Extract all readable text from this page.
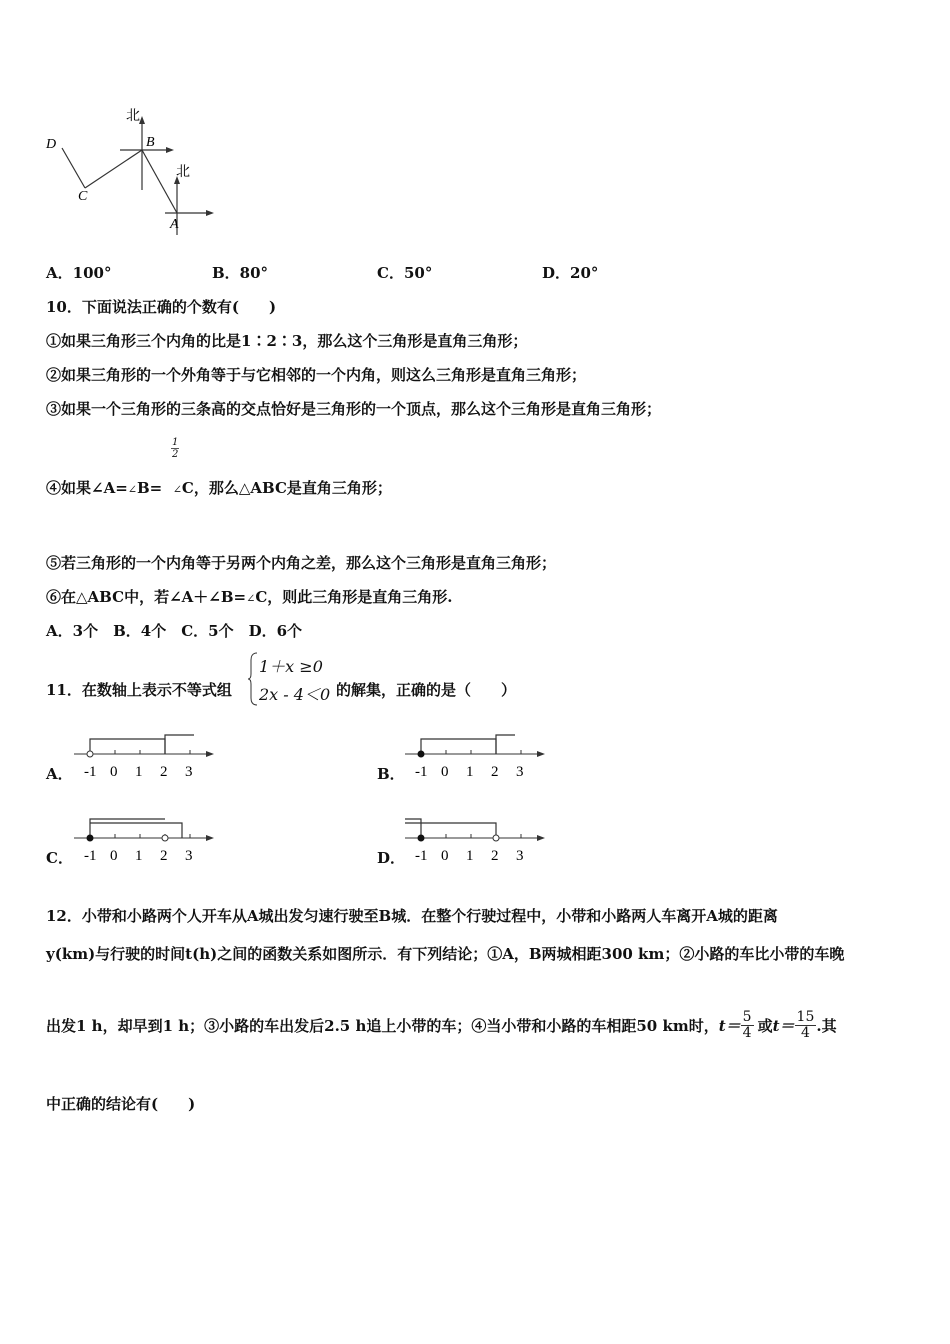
北
北
D
C
B
A
A．100°	B．80°	C．50°	D．20°
10．下面说法正确的个数有(　　)
①如果三角形三个内角的比是1∶2∶3，那么这个三角形是直角三角形；
②如果三角形的一个外角等于与它相邻的一个内角，则这么三角形是直角三角形；
③如果一个三角形的三条高的交点恰好是三角形的一个顶点，那么这个三角形是直角三角形；
$\frac{1}{2}$
④如果∠A=∠B= ∠C，那么△ABC是直角三角形；
⑤若三角形的一个内角等于另两个内角之差，那么这个三角形是直角三角形；
⑥在△ABC中，若∠A＋∠B=∠C，则此三角形是直角三角形.
A．3个　B．4个　C．5个　D．6个
11．在数轴上表示不等式组
1＋x ≥0
2x - 4＜0 的解集，正确的是（　　）
A． -1 0 1 2 3	B． -1 0 1 2 3
C． -1 0 1 2 3	D． -1 0 1 2 3
12．小带和小路两个人开车从A城出发匀速行驶至B城．在整个行驶过程中，小带和小路两人车离开A城的距离
y(km)与行驶的时间t(h)之间的函数关系如图所示．有下列结论；①A，B两城相距300 km；②小路的车比小带的车晚
出发1 h，却早到1 h；③小路的车出发后2.5 h追上小带的车；④当小带和小路的车相距50 km时， $t= \frac{5}{4}$ 或 $t= \frac{15}{4}$ .其
中正确的结论有(　　)
